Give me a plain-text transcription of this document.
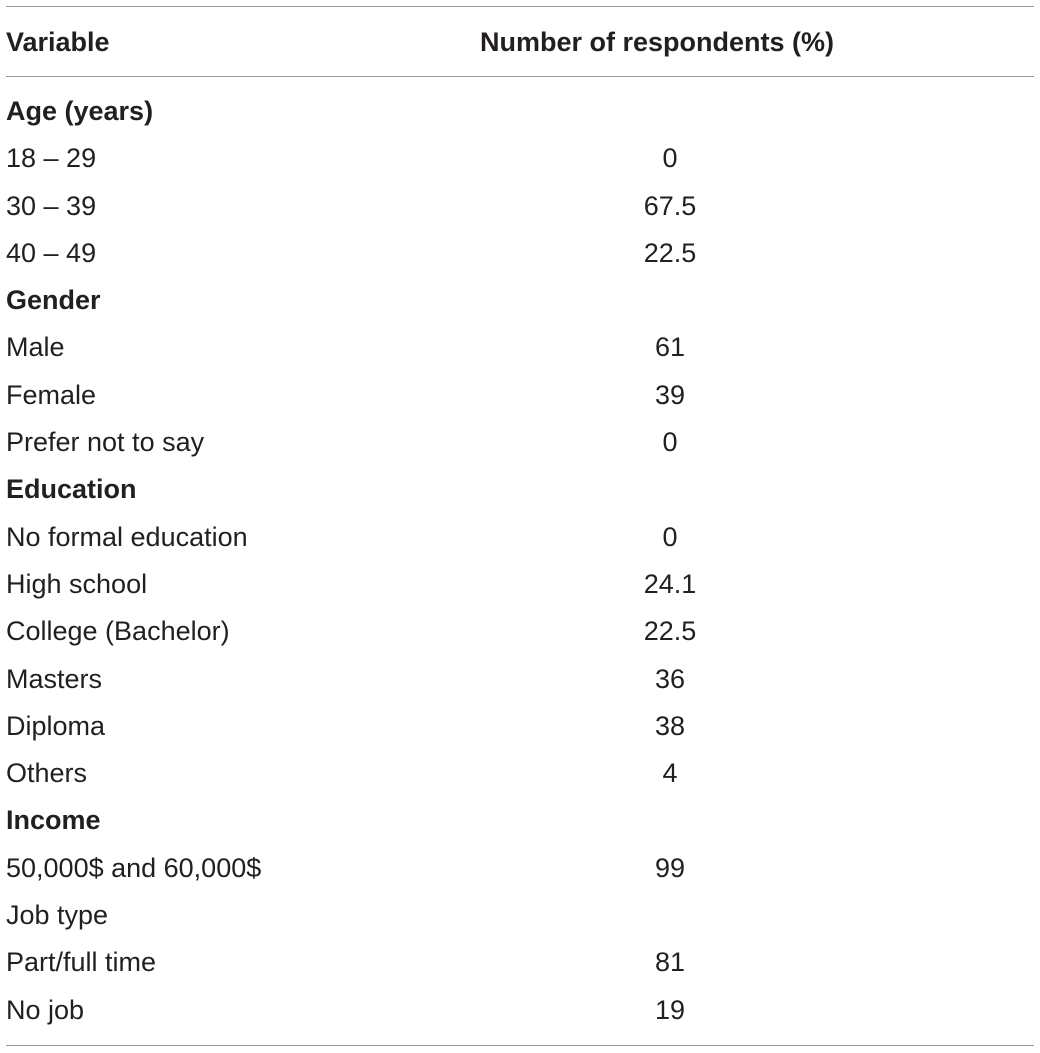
Variable	Number of respondents (%)
Age (years)
18 – 29	0
30 – 39	67.5
40 – 49	22.5
Gender
Male	61
Female	39
Prefer not to say	0
Education
No formal education	0
High school	24.1
College (Bachelor)	22.5
Masters	36
Diploma	38
Others	4
Income
50,000$ and 60,000$	99
Job type
Part/full time	81
No job	19
